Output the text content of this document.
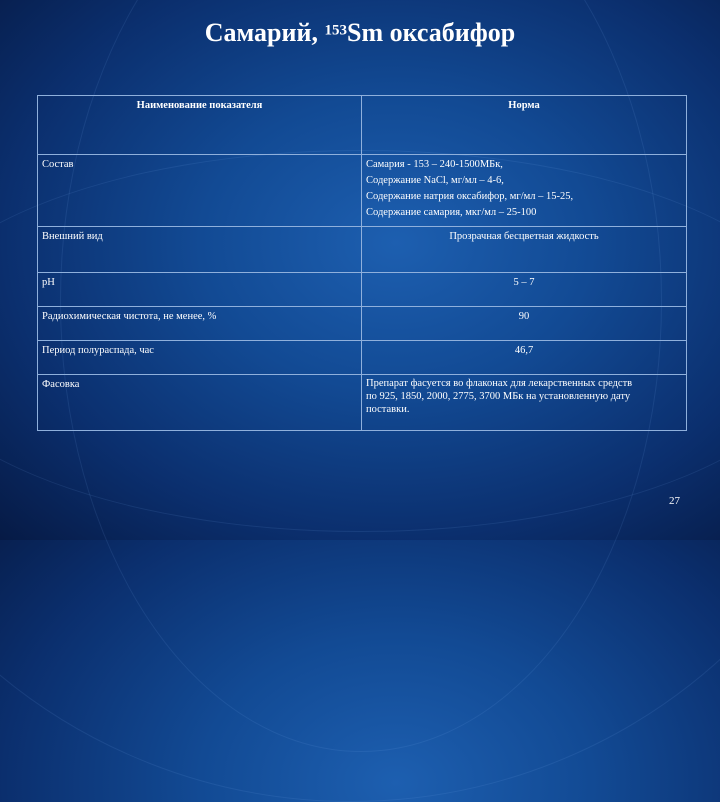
Самарий, $^{153}$Sm оксабифор
Наименование показателя	Норма
Состав	Самария - 153 – 240-1500МБк,
Содержание NaCl, мг/мл – 4-6,
Содержание натрия оксабифор, мг/мл – 15-25,
Содержание самария, мкг/мл – 25-100

Внешний вид	Прозрачная бесцветная жидкость
pH	5 – 7
Радиохимическая чистота, не менее, %	90
Период полураспада, час	46,7
Фасовка	Препарат фасуется во флаконах для лекарственных средств
по 925, 1850, 2000, 2775, 3700 МБк на установленную дату
поставки.
27
